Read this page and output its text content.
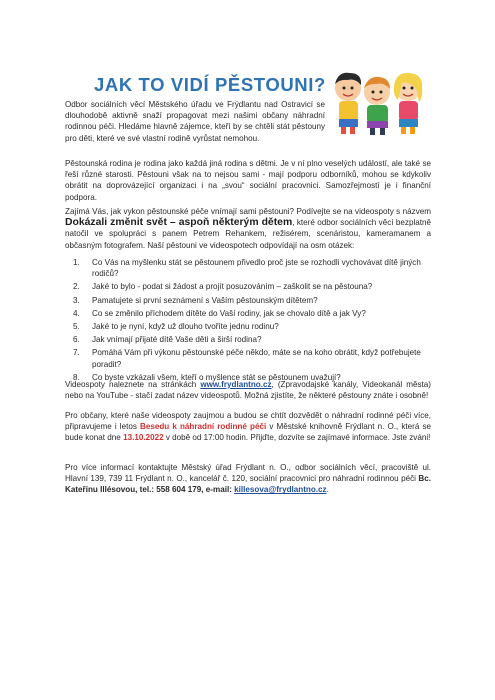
JAK TO VIDÍ PĚSTOUNI?

Odbor sociálních věcí Městského úřadu ve Frýdlantu nad Ostravicí se dlouhodobě aktivně snaží propagovat mezi našimi občany náhradní rodinnou péči. Hledáme hlavně zájemce, kteří by se chtěli stát pěstouny pro děti, které ve své vlastní rodině vyrůstat nemohou.

Pěstounská rodina je rodina jako každá jiná rodina s dětmi. Je v ní plno veselých událostí, ale také se řeší různé starosti. Pěstouni však na to nejsou sami - mají podporu odborníků, mohou se kdykoliv obrátit na doprovázející organizaci i na „svou“ sociální pracovnici. Samozřejmostí je i finanční podpora.

Zajímá Vás, jak vykon pěstounské péče vnímají sami pěstouni? Podívejte se na videospoty s názvem Dokázali změnit svět – aspoň některým dětem, které odbor sociálních věcí bezplatně natočil ve spolupráci s panem Petrem Rehankem, režisérem, scenáristou, kameramanem a občasným fotografem. Naší pěstouni ve videospotech odpovídají na osm otázek:

1. Co Vás na myšlenku stát se pěstounem přivedlo proč jste se rozhodli vychovávat dítě jiných rodičů?
2. Jaké to bylo - podat si žádost a projít posuzováním – zaškolit se na pěstouna?
3. Pamatujete si první seznámení s Vaším pěstounským dítětem?
4. Co se změnilo příchodem dítěte do Vaší rodiny, jak se chovalo dítě a jak Vy?
5. Jaké to je nyní, když už dlouho tvoříte jednu rodinu?
6. Jak vnímají přijaté dítě Vaše děti a širší rodina?
7. Pomáhá Vám při výkonu pěstounské péče někdo, máte se na koho obrátit, když potřebujete poradit?
8. Co byste vzkázali všem, kteří o myšlence stát se pěstounem uvažují?

Videospoty naleznete na stránkách www.frydlantno.cz, (Zpravodajské kanály, Videokanál města) nebo na YouTube - stačí zadat název videospotů. Možná zjistíte, že některé pěstouny znáte i osobně!

Pro občany, které naše videospoty zaujmou a budou se chtít dozvědět o náhradní rodinné péči více, připravujeme i letos Besedu k náhradní rodinné péči v Městské knihovně Frýdlant n. O., která se bude konat dne 13.10.2022 v době od 17:00 hodin. Přijďte, dozvíte se zajímavé informace. Jste zváni!

Pro více informací kontaktujte Městský úřad Frýdlant n. O., odbor sociálních věcí, pracoviště ul. Hlavní 139, 739 11 Frýdlant n. O., kancelář č. 120, sociální pracovnici pro náhradní rodinnou péči Bc. Kateřinu Illésovou, tel.: 558 604 179, e-mail: killesova@frydlantno.cz.
